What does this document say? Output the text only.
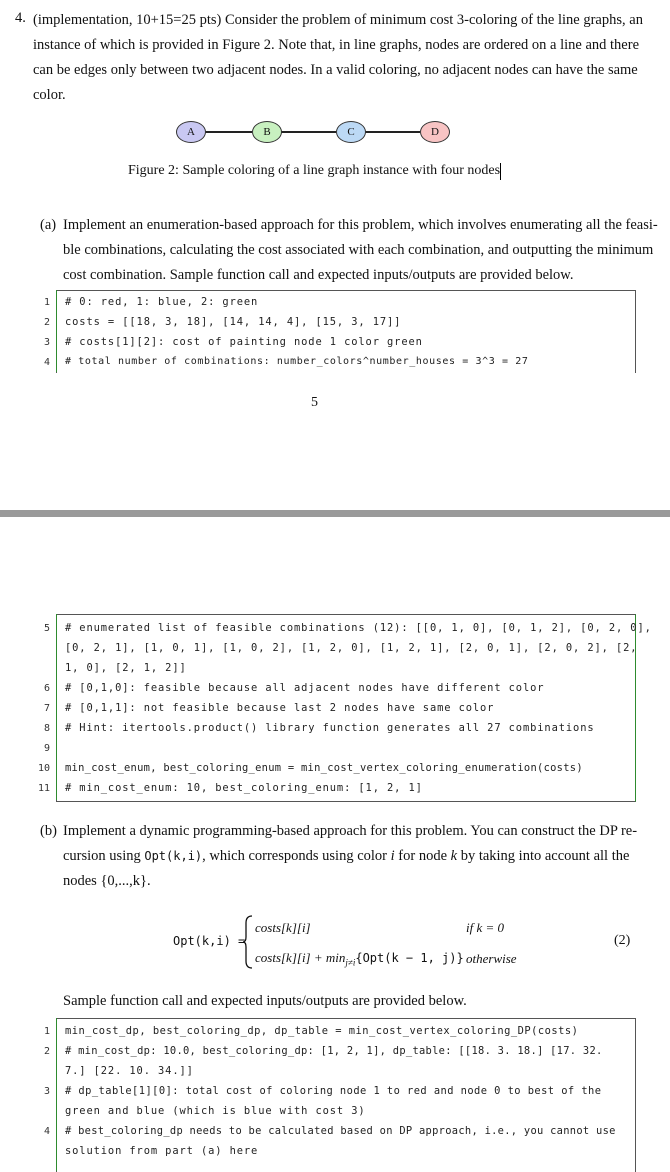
4. (implementation, 10+15=25 pts) Consider the problem of minimum cost 3-coloring of the line graphs, an
instance of which is provided in Figure 2. Note that, in line graphs, nodes are ordered on a line and there
can be edges only between two adjacent nodes. In a valid coloring, no adjacent nodes can have the same
color.
A	B	C	D
Figure 2: Sample coloring of a line graph instance with four nodes
(a) Implement an enumeration-based approach for this problem, which involves enumerating all the feasi-
ble combinations, calculating the cost associated with each combination, and outputting the minimum
cost combination. Sample function call and expected inputs/outputs are provided below.
1 # 0: red, 1: blue, 2: green
2 costs = [[18, 3, 18], [14, 14, 4], [15, 3, 17]]
3 # costs[1][2]: cost of painting node 1 color green
4 # total number of combinations: number_colors^number_houses = 3^3 = 27
5
5 # enumerated list of feasible combinations (12): [[0, 1, 0], [0, 1, 2], [0, 2, 0],
[0, 2, 1], [1, 0, 1], [1, 0, 2], [1, 2, 0], [1, 2, 1], [2, 0, 1], [2, 0, 2], [2,
1, 0], [2, 1, 2]]
6 # [0,1,0]: feasible because all adjacent nodes have different color
7 # [0,1,1]: not feasible because last 2 nodes have same color
8 # Hint: itertools.product() library function generates all 27 combinations
9
10 min_cost_enum, best_coloring_enum = min_cost_vertex_coloring_enumeration(costs)
11 # min_cost_enum: 10, best_coloring_enum: [1, 2, 1]
(b) Implement a dynamic programming-based approach for this problem. You can construct the DP re-
cursion using Opt(k,i), which corresponds using color i for node k by taking into account all the
nodes {0,...,k}.
Opt(k,i) =
costs[k][i]	if k = 0
costs[k][i] + $\min_{j\ne i}\{Opt(k - 1$, j)} otherwise
(2)
Sample function call and expected inputs/outputs are provided below.
1 min_cost_dp, best_coloring_dp, dp_table = min_cost_vertex_coloring_DP(costs)
2 # min_cost_dp: 10.0, best_coloring_dp: [1, 2, 1], dp_table: [[18. 3. 18.] [17. 32.
7.] [22. 10. 34.]]
3 # dp_table[1][0]: total cost of coloring node 1 to red and node 0 to best of the
green and blue (which is blue with cost 3)
4 # best_coloring_dp needs to be calculated based on DP approach, i.e., you cannot use
solution from part (a) here
